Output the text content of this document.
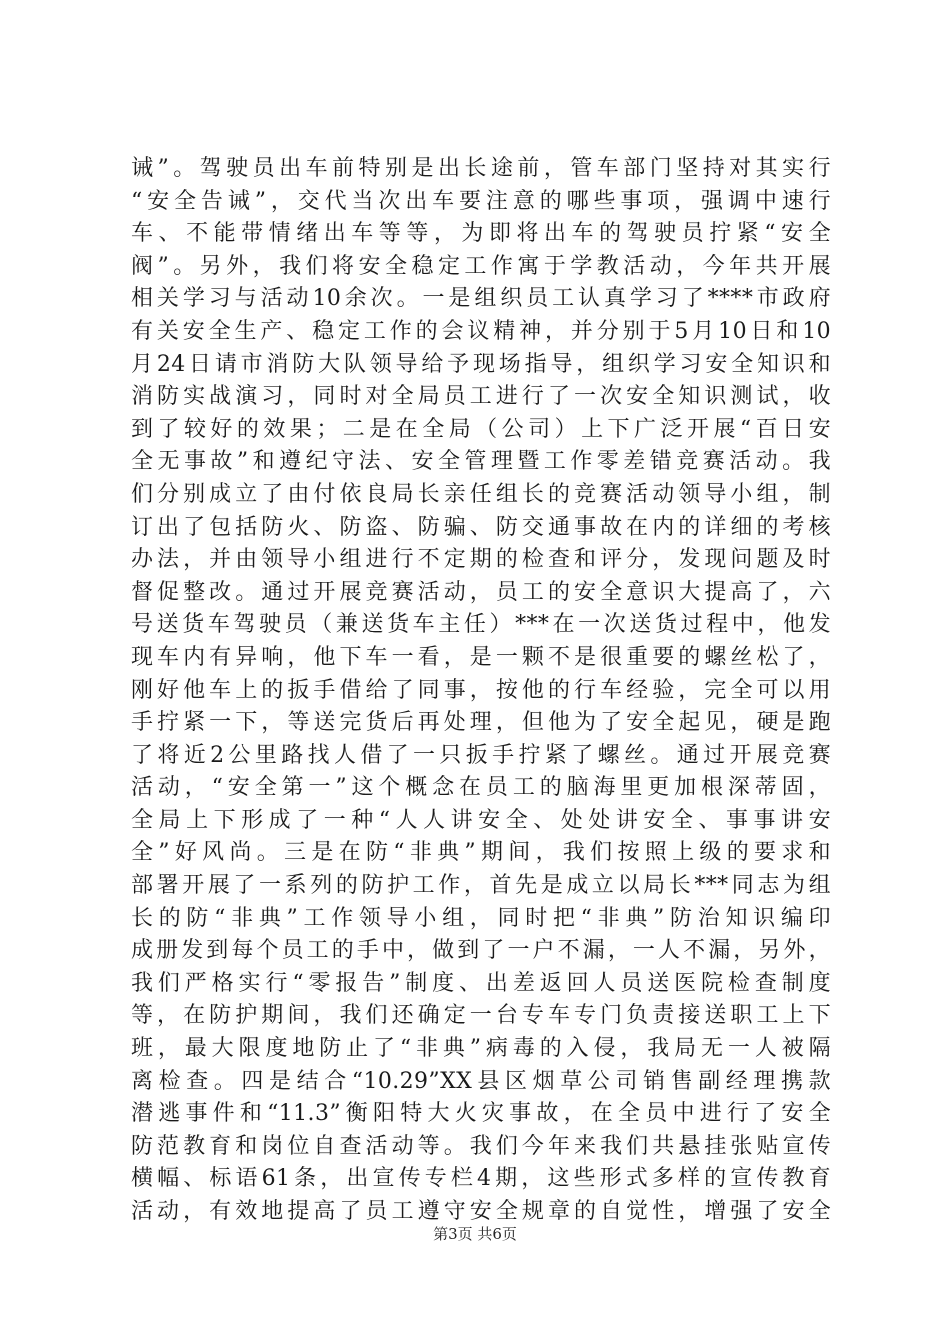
诫”。驾驶员出车前特别是出长途前，管车部门坚持对其实行
“安全告诫”，交代当次出车要注意的哪些事项，强调中速行
车、不能带情绪出车等等，为即将出车的驾驶员拧紧“安全
阀”。另外，我们将安全稳定工作寓于学教活动，今年共开展
相关学习与活动10余次。一是组织员工认真学习了****市政府
有关安全生产、稳定工作的会议精神，并分别于5月10日和10
月24日请市消防大队领导给予现场指导，组织学习安全知识和
消防实战演习，同时对全局员工进行了一次安全知识测试，收
到了较好的效果；二是在全局（公司）上下广泛开展“百日安
全无事故”和遵纪守法、安全管理暨工作零差错竞赛活动。我
们分别成立了由付依良局长亲任组长的竞赛活动领导小组，制
订出了包括防火、防盗、防骗、防交通事故在内的详细的考核
办法，并由领导小组进行不定期的检查和评分，发现问题及时
督促整改。通过开展竞赛活动，员工的安全意识大提高了，六
号送货车驾驶员（兼送货车主任）***在一次送货过程中，他发
现车内有异响，他下车一看，是一颗不是很重要的螺丝松了，
刚好他车上的扳手借给了同事，按他的行车经验，完全可以用
手拧紧一下，等送完货后再处理，但他为了安全起见，硬是跑
了将近2公里路找人借了一只扳手拧紧了螺丝。通过开展竞赛
活动，“安全第一”这个概念在员工的脑海里更加根深蒂固，
全局上下形成了一种“人人讲安全、处处讲安全、事事讲安
全”好风尚。三是在防“非典”期间，我们按照上级的要求和
部署开展了一系列的防护工作，首先是成立以局长***同志为组
长的防“非典”工作领导小组，同时把“非典”防治知识编印
成册发到每个员工的手中，做到了一户不漏，一人不漏，另外，
我们严格实行“零报告”制度、出差返回人员送医院检查制度
等，在防护期间，我们还确定一台专车专门负责接送职工上下
班，最大限度地防止了“非典”病毒的入侵，我局无一人被隔
离检查。四是结合“10.29”XX县区烟草公司销售副经理携款
潜逃事件和“11.3”衡阳特大火灾事故，在全员中进行了安全
防范教育和岗位自查活动等。我们今年来我们共悬挂张贴宣传
横幅、标语61条，出宣传专栏4期，这些形式多样的宣传教育
活动，有效地提高了员工遵守安全规章的自觉性，增强了安全
第3页 共6页
